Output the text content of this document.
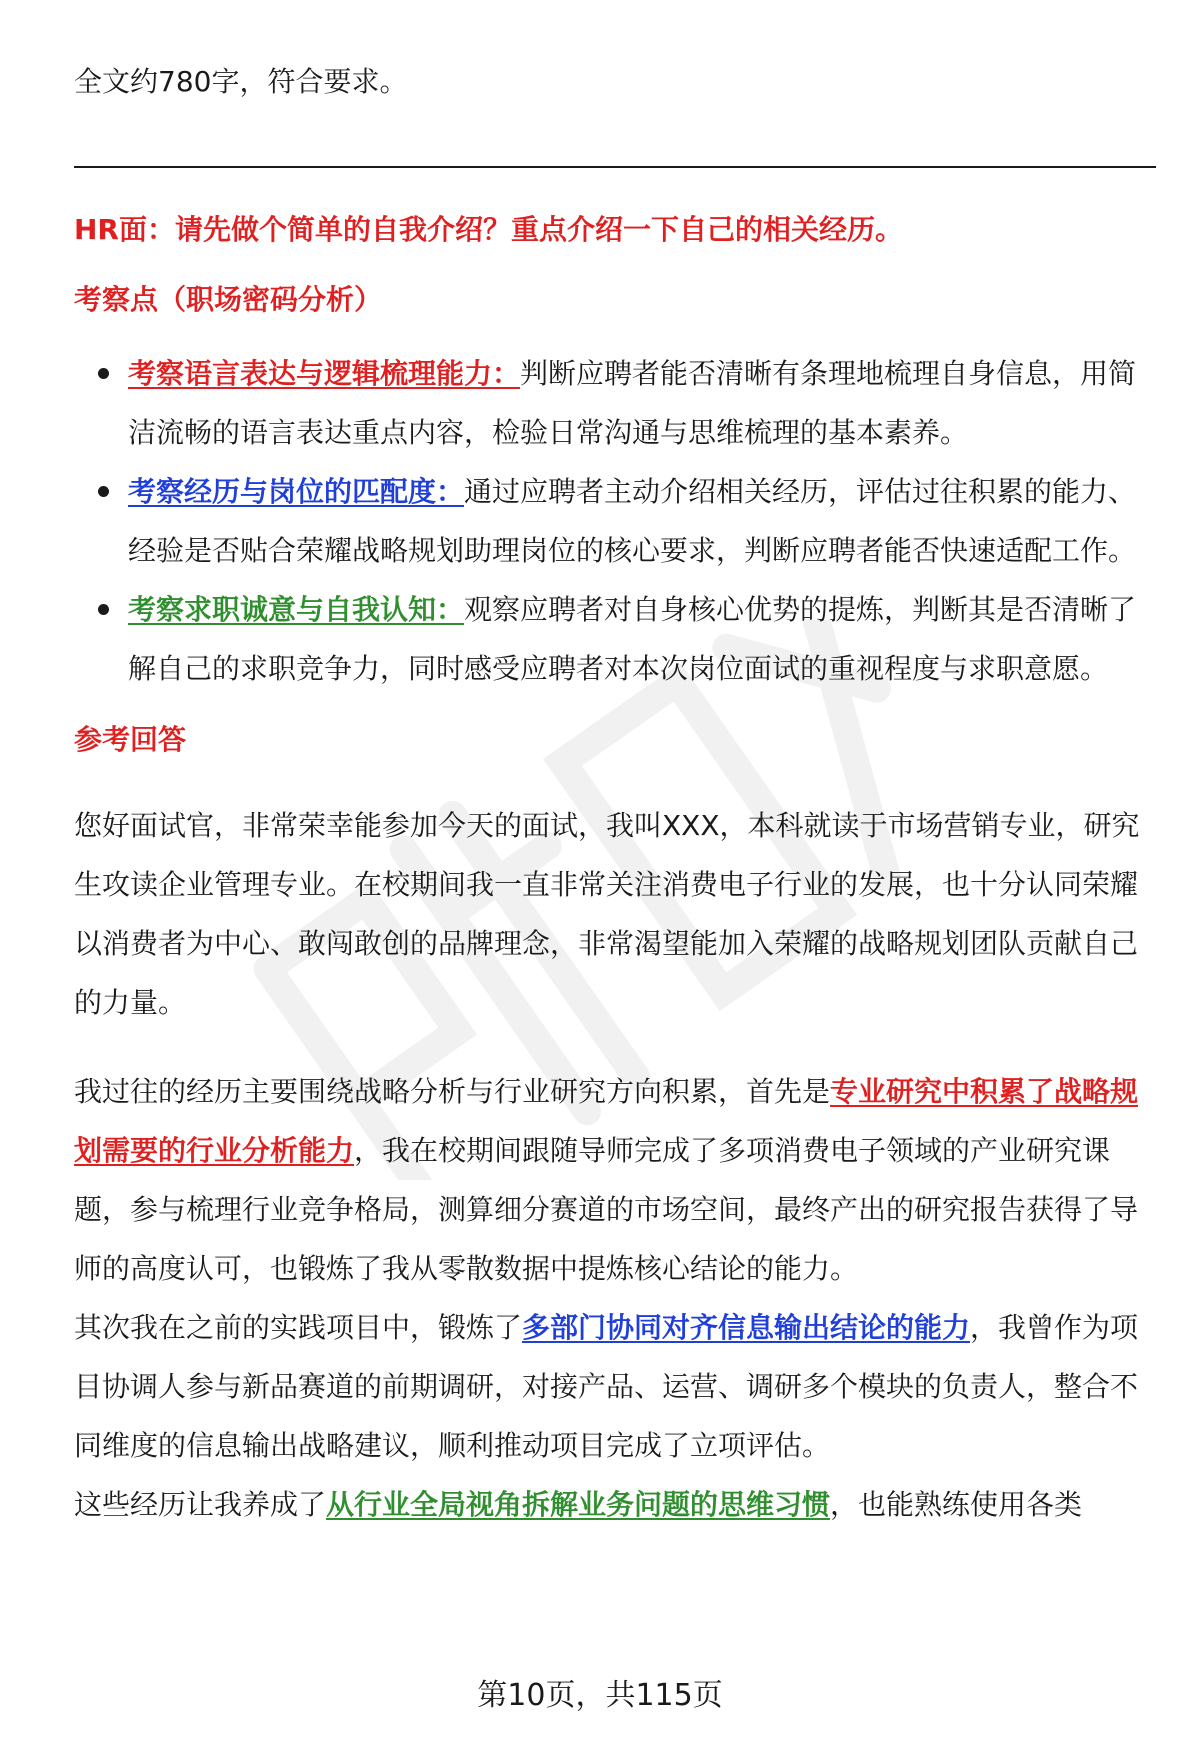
全文约780字，符合要求。

HR面：请先做个简单的自我介绍？重点介绍一下自己的相关经历。

考察点（职场密码分析）

考察语言表达与逻辑梳理能力：判断应聘者能否清晰有条理地梳理自身信息，用简洁流畅的语言表达重点内容，检验日常沟通与思维梳理的基本素养。
考察经历与岗位的匹配度：通过应聘者主动介绍相关经历，评估过往积累的能力、经验是否贴合荣耀战略规划助理岗位的核心要求，判断应聘者能否快速适配工作。
考察求职诚意与自我认知：观察应聘者对自身核心优势的提炼，判断其是否清晰了解自己的求职竞争力，同时感受应聘者对本次岗位面试的重视程度与求职意愿。

参考回答

您好面试官，非常荣幸能参加今天的面试，我叫XXX，本科就读于市场营销专业，研究生攻读企业管理专业。在校期间我一直非常关注消费电子行业的发展，也十分认同荣耀以消费者为中心、敢闯敢创的品牌理念，非常渴望能加入荣耀的战略规划团队贡献自己的力量。

我过往的经历主要围绕战略分析与行业研究方向积累，首先是专业研究中积累了战略规划需要的行业分析能力，我在校期间跟随导师完成了多项消费电子领域的产业研究课题，参与梳理行业竞争格局，测算细分赛道的市场空间，最终产出的研究报告获得了导师的高度认可，也锻炼了我从零散数据中提炼核心结论的能力。

其次我在之前的实践项目中，锻炼了多部门协同对齐信息输出结论的能力，我曾作为项目协调人参与新品赛道的前期调研，对接产品、运营、调研多个模块的负责人，整合不同维度的信息输出战略建议，顺利推动项目完成了立项评估。

这些经历让我养成了从行业全局视角拆解业务问题的思维习惯，也能熟练使用各类

第10页，共115页
